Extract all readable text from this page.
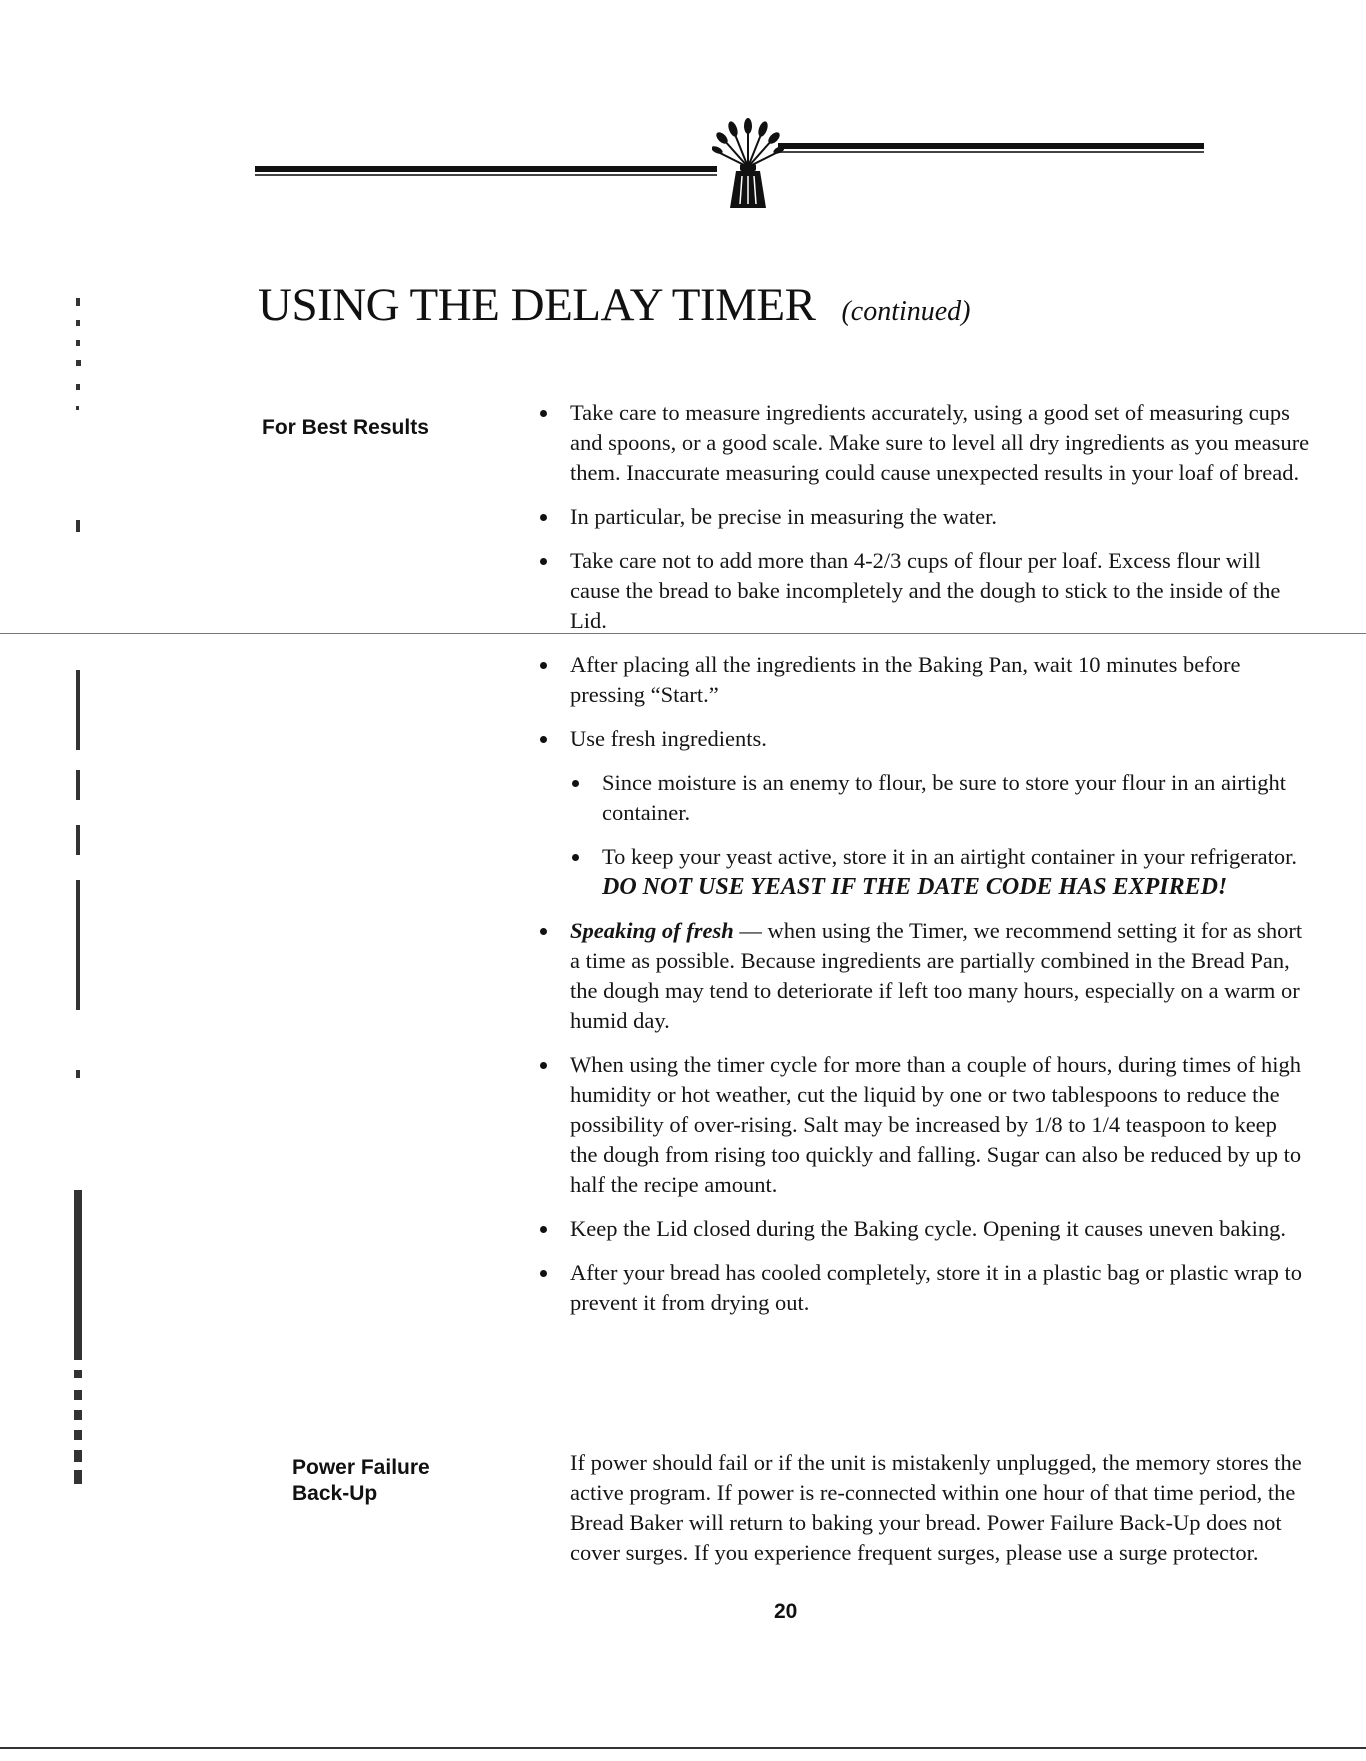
USING THE DELAY TIMER (continued)
For Best Results
Power Failure
Back-Up
Take care to measure ingredients accurately, using a good set of measuring cups and spoons, or a good scale. Make sure to level all dry ingredients as you measure them. Inaccurate measuring could cause unexpected results in your loaf of bread.
In particular, be precise in measuring the water.
Take care not to add more than 4-2/3 cups of flour per loaf. Excess flour will cause the bread to bake incompletely and the dough to stick to the inside of the Lid.
After placing all the ingredients in the Baking Pan, wait 10 minutes before pressing “Start.”
Use fresh ingredients.
Since moisture is an enemy to flour, be sure to store your flour in an airtight container.
To keep your yeast active, store it in an airtight container in your refrigerator. DO NOT USE YEAST IF THE DATE CODE HAS EXPIRED!
Speaking of fresh — when using the Timer, we recommend setting it for as short a time as possible. Because ingredients are partially combined in the Bread Pan, the dough may tend to deteriorate if left too many hours, especially on a warm or humid day.
When using the timer cycle for more than a couple of hours, during times of high humidity or hot weather, cut the liquid by one or two tablespoons to reduce the possibility of over-rising. Salt may be increased by 1/8 to 1/4 teaspoon to keep the dough from rising too quickly and falling. Sugar can also be reduced by up to half the recipe amount.
Keep the Lid closed during the Baking cycle. Opening it causes uneven baking.
After your bread has cooled completely, store it in a plastic bag or plastic wrap to prevent it from drying out.

If power should fail or if the unit is mistakenly unplugged, the memory stores the active program. If power is re-connected within one hour of that time period, the Bread Baker will return to baking your bread. Power Failure Back-Up does not cover surges. If you experience frequent surges, please use a surge protector.

20
